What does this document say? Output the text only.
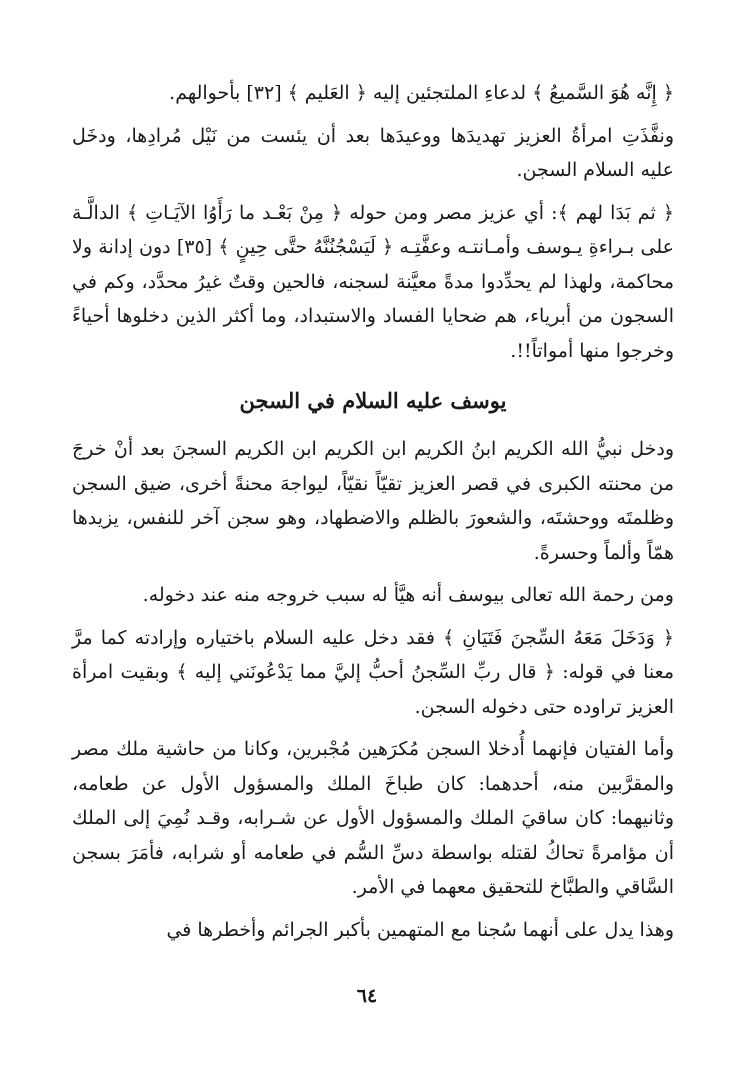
﴿ إِنَّه هُوَ السَّميعُ ﴾ لدعاءِ الملتجئين إليه ﴿ العَليم ﴾ [٣٢] بأحوالهم.

ونفَّذَتِ امرأةُ العزيز تهديدَها ووعيدَها بعد أن يئست من نَيْل مُرادِها، ودخَل عليه السلام السجن.

﴿ ثم بَدَا لهم ﴾: أي عزيز مصر ومن حوله ﴿ مِنْ بَعْـد ما رَأَوُا الآيَـاتِ ﴾ الدالَّـة على بـراءةِ يـوسف وأمـانتـه وعفَّتِـه ﴿ لَيَسْجُنُنَّهُ حتَّى حِينٍ ﴾ [٣٥] دون إدانة ولا محاكمة، ولهذا لم يحدِّدوا مدةً معيَّنة لسجنه، فالحين وقتٌ غيرُ محدَّد، وكم في السجون من أبرياء، هم ضحايا الفساد والاستبداد، وما أكثر الذين دخلوها أحياءً وخرجوا منها أمواتاً!!.

يوسف عليه السلام في السجن

ودخل نبيُّ الله الكريم ابنُ الكريم ابن الكريم ابن الكريم السجنَ بعد أنْ خرجَ من محنته الكبرى في قصر العزيز تقيّاً نقيّاً، ليواجهَ محنةً أخرى، ضيق السجن وظلمتَه ووحشتَه، والشعورَ بالظلم والاضطهاد، وهو سجن آخر للنفس، يزيدها همّاً وألماً وحسرةً.

ومن رحمة الله تعالى بيوسف أنه هيَّأ له سبب خروجه منه عند دخوله.

﴿ وَدَخَلَ مَعَهُ السِّجنَ فَتَيَانِ ﴾ فقد دخل عليه السلام باختياره وإرادته كما مرَّ معنا في قوله: ﴿ قال ربِّ السِّجنُ أحبُّ إليَّ مما يَدْعُونَني إليه ﴾ وبقيت امرأة العزيز تراوده حتى دخوله السجن.

وأما الفتيان فإنهما أُدخلا السجن مُكرَهين مُجْبرين، وكانا من حاشية ملك مصر والمقرَّبين منه، أحدهما: كان طباخَ الملك والمسؤول الأول عن طعامه، وثانيهما: كان ساقيَ الملك والمسؤول الأول عن شـرابه، وقـد نُمِيَ إلى الملك أن مؤامرةً تحاكُ لقتله بواسطة دسِّ السُّم في طعامه أو شرابه، فأمَرَ بسجن السَّاقي والطبَّاخ للتحقيق معهما في الأمر.

وهذا يدل على أنهما سُجنا مع المتهمين بأكبر الجرائم وأخطرها في

٦٤
